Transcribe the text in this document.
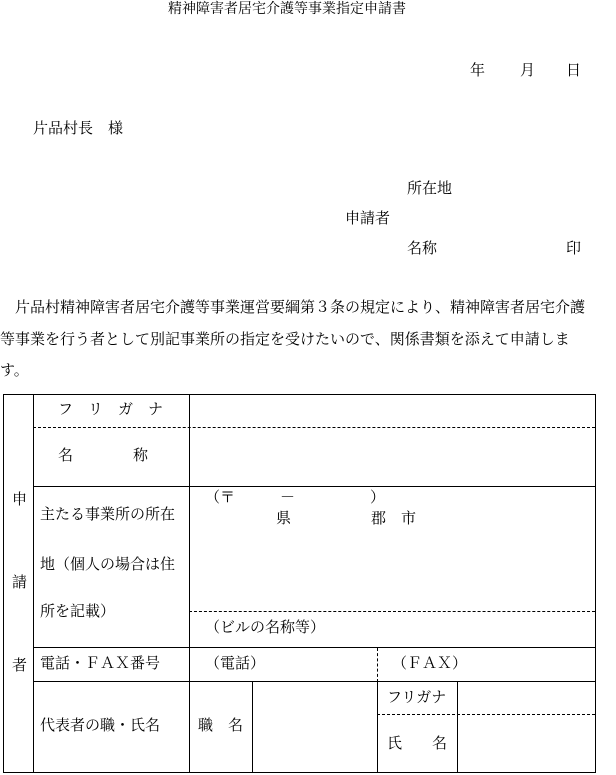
精神障害者居宅介護等事業指定申請書
年 月 日
片品村長　様
所在地
申請者
名称	印
　片品村精神障害者居宅介護等事業運営要綱第３条の規定により、精神障害者居宅介護
等事業を行う者として別記事業所の指定を受けたいので、関係書類を添えて申請しま
す。
申
請
者
フ　リ　ガ　ナ
名　　　　称
主たる事業所の所在
地（個人の場合は住
所を記載）
（〒　　　－　　　　　）
県	郡　市
（ビルの名称等）
電話・ＦＡＸ番号	（電話）	（ＦＡＸ）
代表者の職・氏名	職　名
フリガナ
氏　　名
